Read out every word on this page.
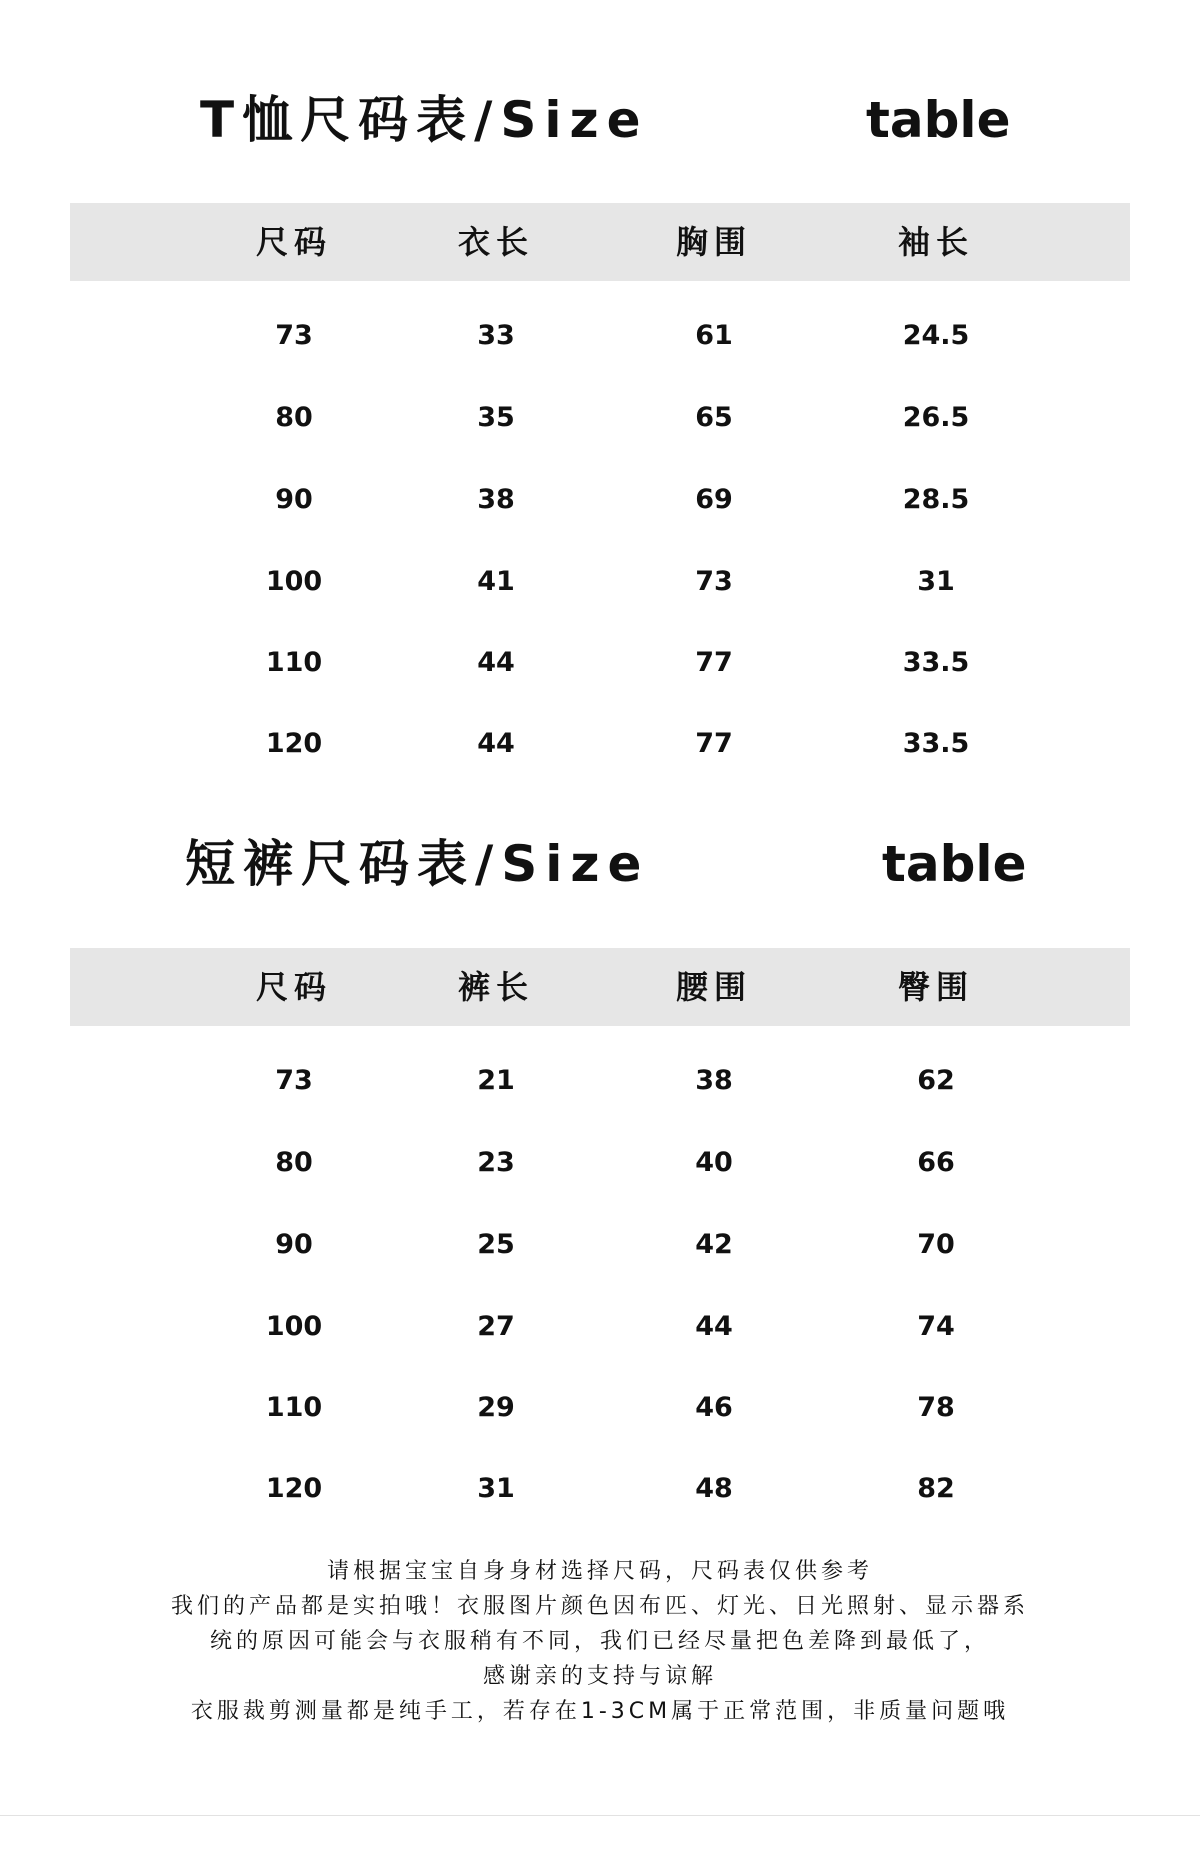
T恤尺码表/Size	table
尺码	衣长	胸围	袖长
73	33	61	24.5
80	35	65	26.5
90	38	69	28.5
100	41	73	31
110	44	77	33.5
120	44	77	33.5
短裤尺码表/Size	table
尺码	裤长	腰围	臀围
73	21	38	62
80	23	40	66
90	25	42	70
100	27	44	74
110	29	46	78
120	31	48	82
请根据宝宝自身身材选择尺码，尺码表仅供参考
我们的产品都是实拍哦！衣服图片颜色因布匹、灯光、日光照射、显示器系
统的原因可能会与衣服稍有不同，我们已经尽量把色差降到最低了，
感谢亲的支持与谅解
衣服裁剪测量都是纯手工，若存在1-3CM属于正常范围，非质量问题哦
